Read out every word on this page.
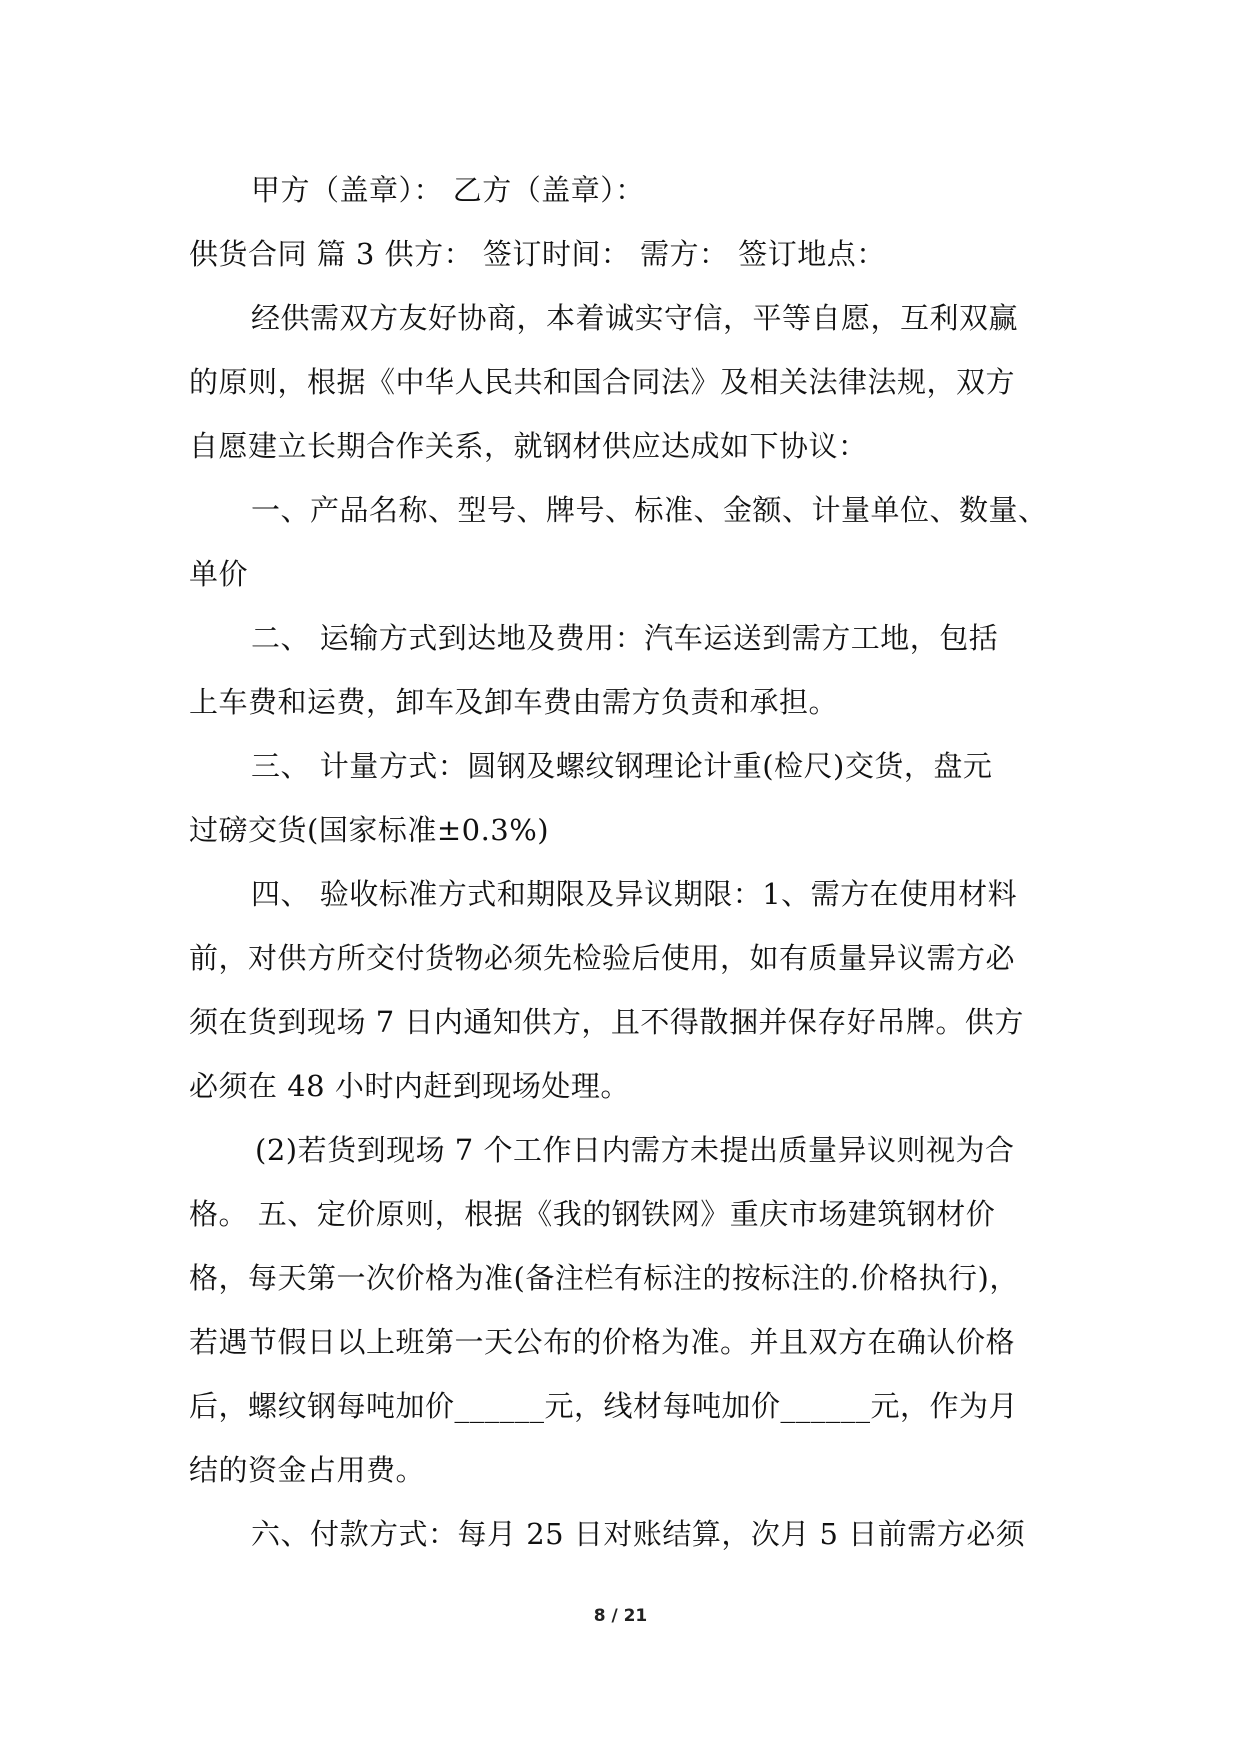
甲方（盖章）： 乙方（盖章）：
供货合同 篇 3 供方： 签订时间： 需方： 签订地点：
经供需双方友好协商，本着诚实守信，平等自愿，互利双赢
的原则，根据《中华人民共和国合同法》及相关法律法规，双方
自愿建立长期合作关系，就钢材供应达成如下协议：
一、产品名称、型号、牌号、标准、金额、计量单位、数量、
单价
二、 运输方式到达地及费用：汽车运送到需方工地，包括
上车费和运费，卸车及卸车费由需方负责和承担。
三、 计量方式：圆钢及螺纹钢理论计重(检尺)交货，盘元
过磅交货(国家标准±0.3%)
四、 验收标准方式和期限及异议期限：1、需方在使用材料
前，对供方所交付货物必须先检验后使用，如有质量异议需方必
须在货到现场 7 日内通知供方，且不得散捆并保存好吊牌。供方
必须在 48 小时内赶到现场处理。
(2)若货到现场 7 个工作日内需方未提出质量异议则视为合
格。 五、定价原则，根据《我的钢铁网》重庆市场建筑钢材价
格，每天第一次价格为准(备注栏有标注的按标注的.价格执行)，
若遇节假日以上班第一天公布的价格为准。并且双方在确认价格
后，螺纹钢每吨加价______元，线材每吨加价______元，作为月
结的资金占用费。
六、付款方式：每月 25 日对账结算，次月 5 日前需方必须
8 / 21
